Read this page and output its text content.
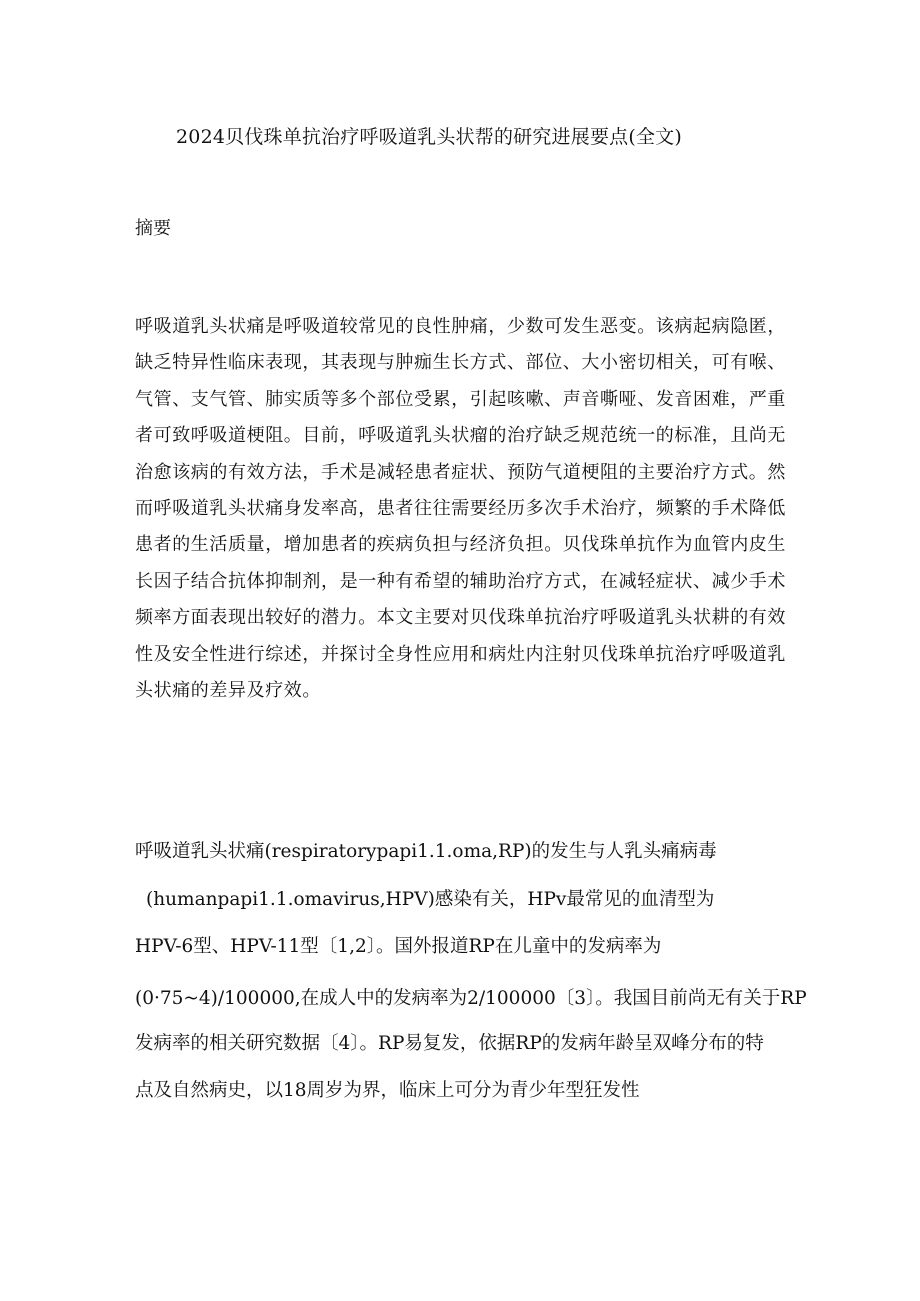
2024贝伐珠单抗治疗呼吸道乳头状帮的研究进展要点(全文)
摘要
呼吸道乳头状痛是呼吸道较常见的良性肿痛，少数可发生恶变。该病起病隐匿，
缺乏特异性临床表现，其表现与肿痂生长方式、部位、大小密切相关，可有喉、
气管、支气管、肺实质等多个部位受累，引起咳嗽、声音嘶哑、发音困难，严重
者可致呼吸道梗阻。目前，呼吸道乳头状瘤的治疗缺乏规范统一的标准，且尚无
治愈该病的有效方法，手术是减轻患者症状、预防气道梗阻的主要治疗方式。然
而呼吸道乳头状痛身发率高，患者往往需要经历多次手术治疗，频繁的手术降低
患者的生活质量，增加患者的疾病负担与经济负担。贝伐珠单抗作为血管内皮生
长因子结合抗体抑制剂，是一种有希望的辅助治疗方式，在减轻症状、减少手术
频率方面表现出较好的潜力。本文主要对贝伐珠单抗治疗呼吸道乳头状耕的有效
性及安全性进行综述，并探讨全身性应用和病灶内注射贝伐珠单抗治疗呼吸道乳
头状痛的差异及疗效。
呼吸道乳头状痛(respiratorypapi1.1.oma,RP)的发生与人乳头痛病毒
(humanpapi1.1.omavirus,HPV)感染有关，HPv最常见的血清型为
HPV-6型、HPV-11型〔1,2〕。国外报道RP在儿童中的发病率为
(0·75~4)/100000,在成人中的发病率为2/100000〔3〕。我国目前尚无有关于RP
发病率的相关研究数据〔4〕。RP易复发，依据RP的发病年龄呈双峰分布的特
点及自然病史，以18周岁为界，临床上可分为青少年型狂发性
